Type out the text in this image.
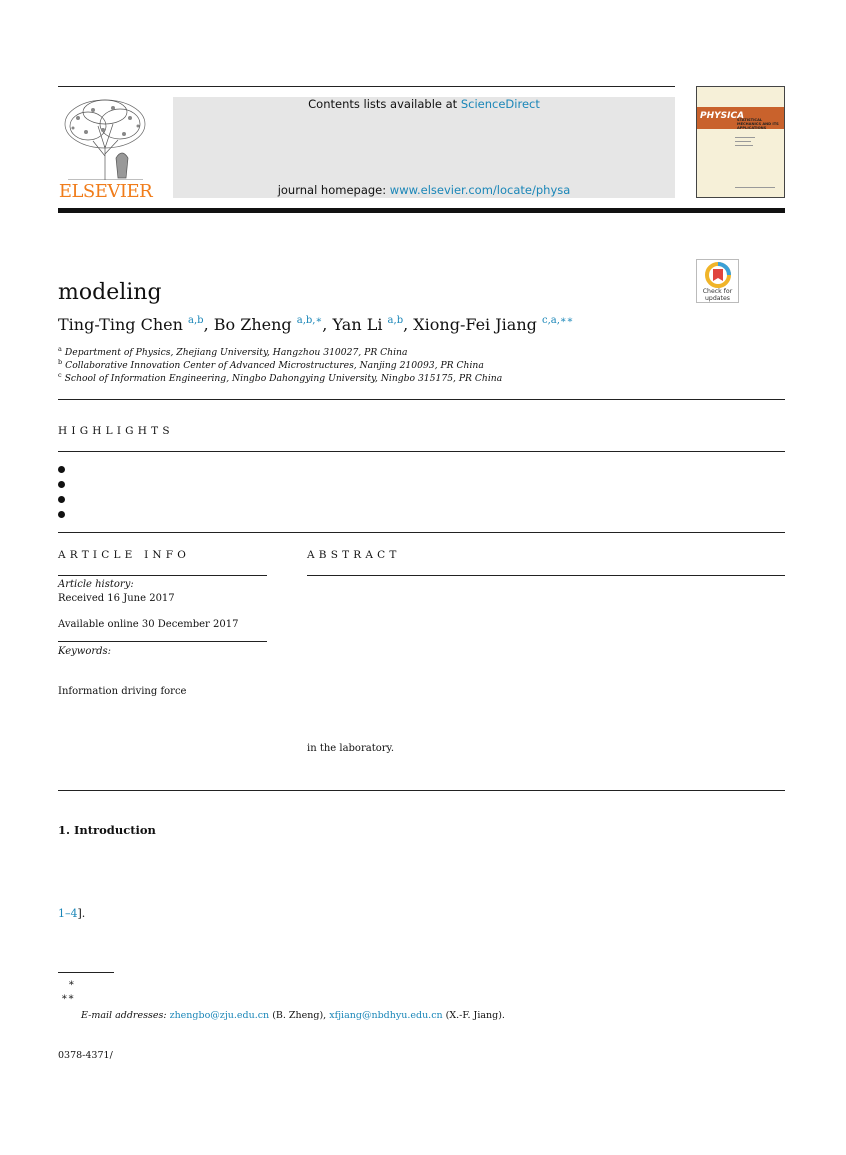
ELSEVIER
Contents lists available at ScienceDirect
journal homepage: www.elsevier.com/locate/physa
PHYSICA
STATISTICAL MECHANICS AND ITS APPLICATIONS
modeling	Check for updates
Ting-Ting Chen $^{a,b}$, Bo Zheng $^{a,b,∗}$, Yan Li $^{a,b}$, Xiong-Fei Jiang $^{c,a,∗∗}$
$^a$ Department of Physics, Zhejiang University, Hangzhou 310027, PR China
$^b$ Collaborative Innovation Center of Advanced Microstructures, Nanjing 210093, PR China
$^c$ School of Information Engineering, Ningbo Dahongying University, Ningbo 315175, PR China
HIGHLIGHTS
ARTICLE INFO
Article history:
Received 16 June 2017
Available online 30 December 2017
Keywords:
Information driving force
ABSTRACT
in the laboratory.
1. Introduction
1–4].
∗
∗∗
E-mail addresses: zhengbo@zju.edu.cn (B. Zheng), xfjiang@nbdhyu.edu.cn (X.-F. Jiang).
0378-4371/
